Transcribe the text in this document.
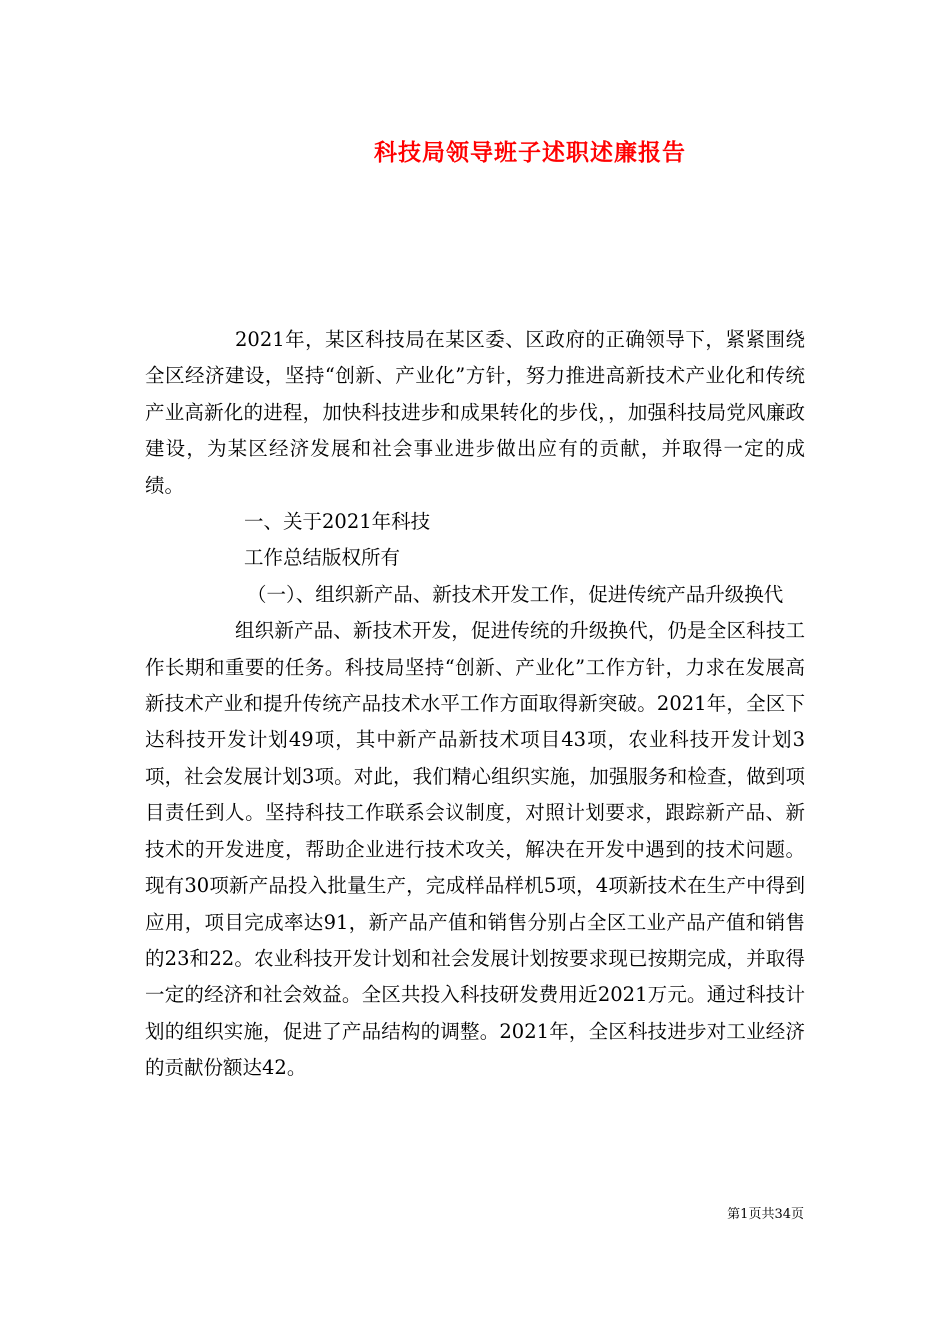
科技局领导班子述职述廉报告

2021年，某区科技局在某区委、区政府的正确领导下，紧紧围绕全区经济建设，坚持“创新、产业化”方针，努力推进高新技术产业化和传统产业高新化的进程，加快科技进步和成果转化的步伐，，加强科技局党风廉政建设，为某区经济发展和社会事业进步做出应有的贡献，并取得一定的成绩。

一、关于2021年科技

工作总结版权所有

（一）、组织新产品、新技术开发工作，促进传统产品升级换代

组织新产品、新技术开发，促进传统的升级换代，仍是全区科技工作长期和重要的任务。科技局坚持“创新、产业化”工作方针，力求在发展高新技术产业和提升传统产品技术水平工作方面取得新突破。2021年，全区下达科技开发计划49项，其中新产品新技术项目43项，农业科技开发计划3项，社会发展计划3项。对此，我们精心组织实施，加强服务和检查，做到项目责任到人。坚持科技工作联系会议制度，对照计划要求，跟踪新产品、新技术的开发进度，帮助企业进行技术攻关，解决在开发中遇到的技术问题。现有30项新产品投入批量生产，完成样品样机5项，4项新技术在生产中得到应用，项目完成率达91，新产品产值和销售分别占全区工业产品产值和销售的23和22。农业科技开发计划和社会发展计划按要求现已按期完成，并取得一定的经济和社会效益。全区共投入科技研发费用近2021万元。通过科技计划的组织实施，促进了产品结构的调整。2021年，全区科技进步对工业经济的贡献份额达42。

第1页共34页
